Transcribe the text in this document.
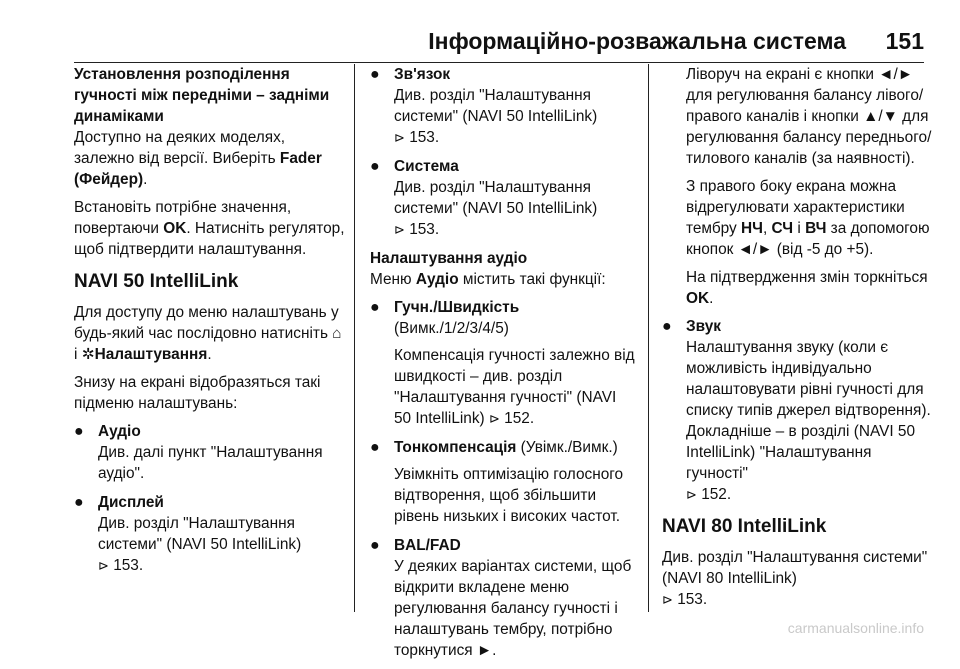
Інформаційно-розважальна система 151

Установлення розподілення гучності між передніми – задніми динаміками

Доступно на деяких моделях, залежно від версії. Виберіть Fader (Фейдер).

Встановіть потрібне значення, повертаючи OK. Натисніть регулятор, щоб підтвердити налаштування.

NAVI 50 IntelliLink

Для доступу до меню налаштувань у будь-який час послідовно натисніть ⌂ і ✲Налаштування.

Знизу на екрані відобразяться такі підменю налаштувань:

● Аудіо
Див. далі пункт "Налаштування аудіо".
● Дисплей
Див. розділ "Налаштування системи" (NAVI 50 IntelliLink)
⊳ 153.
● Зв'язок
Див. розділ "Налаштування системи" (NAVI 50 IntelliLink)
⊳ 153.
● Система
Див. розділ "Налаштування системи" (NAVI 50 IntelliLink)
⊳ 153.

Налаштування аудіо

Меню Аудіо містить такі функції:

● Гучн./Швидкість (Вимк./1/2/3/4/5)
Компенсація гучності залежно від швидкості – див. розділ "Налаштування гучності" (NAVI 50 IntelliLink) ⊳ 152.
● Тонкомпенсація (Увімк./Вимк.)
Увімкніть оптимізацію голосного відтворення, щоб збільшити рівень низьких і високих частот.
● BAL/FAD
У деяких варіантах системи, щоб відкрити вкладене меню регулювання балансу гучності і налаштувань тембру, потрібно торкнутися ►.

Ліворуч на екрані є кнопки ◄/► для регулювання балансу лівого/правого каналів і кнопки ▲/▼ для регулювання балансу переднього/тилового каналів (за наявності).

З правого боку екрана можна відрегулювати характеристики тембру НЧ, СЧ і ВЧ за допомогою кнопок ◄/► (від -5 до +5).

На підтвердження змін торкніться OK.

● Звук
Налаштування звуку (коли є можливість індивідуально налаштовувати рівні гучності для списку типів джерел відтворення). Докладніше – в розділі (NAVI 50 IntelliLink) "Налаштування гучності"
⊳ 152.
NAVI 80 IntelliLink

Див. розділ "Налаштування системи" (NAVI 80 IntelliLink)
⊳ 153.

carmanualsonline.info
